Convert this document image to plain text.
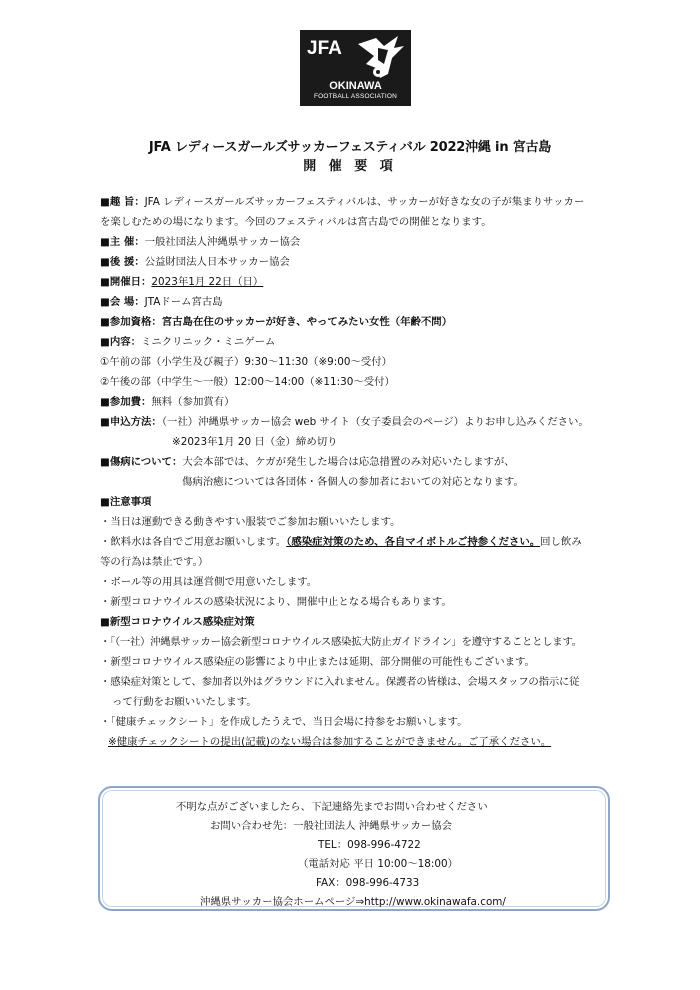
JFA
OKINAWA
FOOTBALL ASSOCIATION
JFA レディースガールズサッカーフェスティバル 2022沖縄 in 宮古島
開 催 要 項
■趣 旨：JFA レディースガールズサッカーフェスティバルは、サッカーが好きな女の子が集まりサッカー
を楽しむための場になります。今回のフェスティバルは宮古島での開催となります。
■主 催：一般社団法人沖縄県サッカー協会
■後 援：公益財団法人日本サッカー協会
■開催日：2023年1月 22日（日）
■会 場：JTAドーム宮古島
■参加資格：宮古島在住のサッカーが好き、やってみたい女性（年齢不問）
■内容：ミニクリニック・ミニゲーム
①午前の部（小学生及び親子）9:30～11:30（※9:00～受付）
②午後の部（中学生～一般）12:00～14:00（※11:30～受付）
■参加費：無料（参加賞有）
■申込方法：（一社）沖縄県サッカー協会 web サイト（女子委員会のページ）よりお申し込みください。
※2023年1月 20 日（金）締め切り
■傷病について：大会本部では、ケガが発生した場合は応急措置のみ対応いたしますが、
傷病治癒については各団体・各個人の参加者においての対応となります。
■注意事項
・当日は運動できる動きやすい服装でご参加お願いいたします。
・飲料水は各自でご用意お願いします。（感染症対策のため、各自マイボトルご持参ください。回し飲み
等の行為は禁止です。）
・ボール等の用具は運営側で用意いたします。
・新型コロナウイルスの感染状況により、開催中止となる場合もあります。
■新型コロナウイルス感染症対策
・「（一社）沖縄県サッカー協会新型コロナウイルス感染拡大防止ガイドライン」を遵守することとします。
・新型コロナウイルス感染症の影響により中止または延期、部分開催の可能性もございます。
・感染症対策として、参加者以外はグラウンドに入れません。保護者の皆様は、会場スタッフの指示に従
って行動をお願いいたします。
・「健康チェックシート」を作成したうえで、当日会場に持参をお願いします。
※健康チェックシートの提出(記載)のない場合は参加することができません。ご了承ください。
不明な点がございましたら、下記連絡先までお問い合わせください
お問い合わせ先：一般社団法人 沖縄県サッカー協会
TEL：098-996-4722
（電話対応 平日 10:00～18:00）
FAX：098-996-4733
沖縄県サッカー協会ホームページ⇒http://www.okinawafa.com/
